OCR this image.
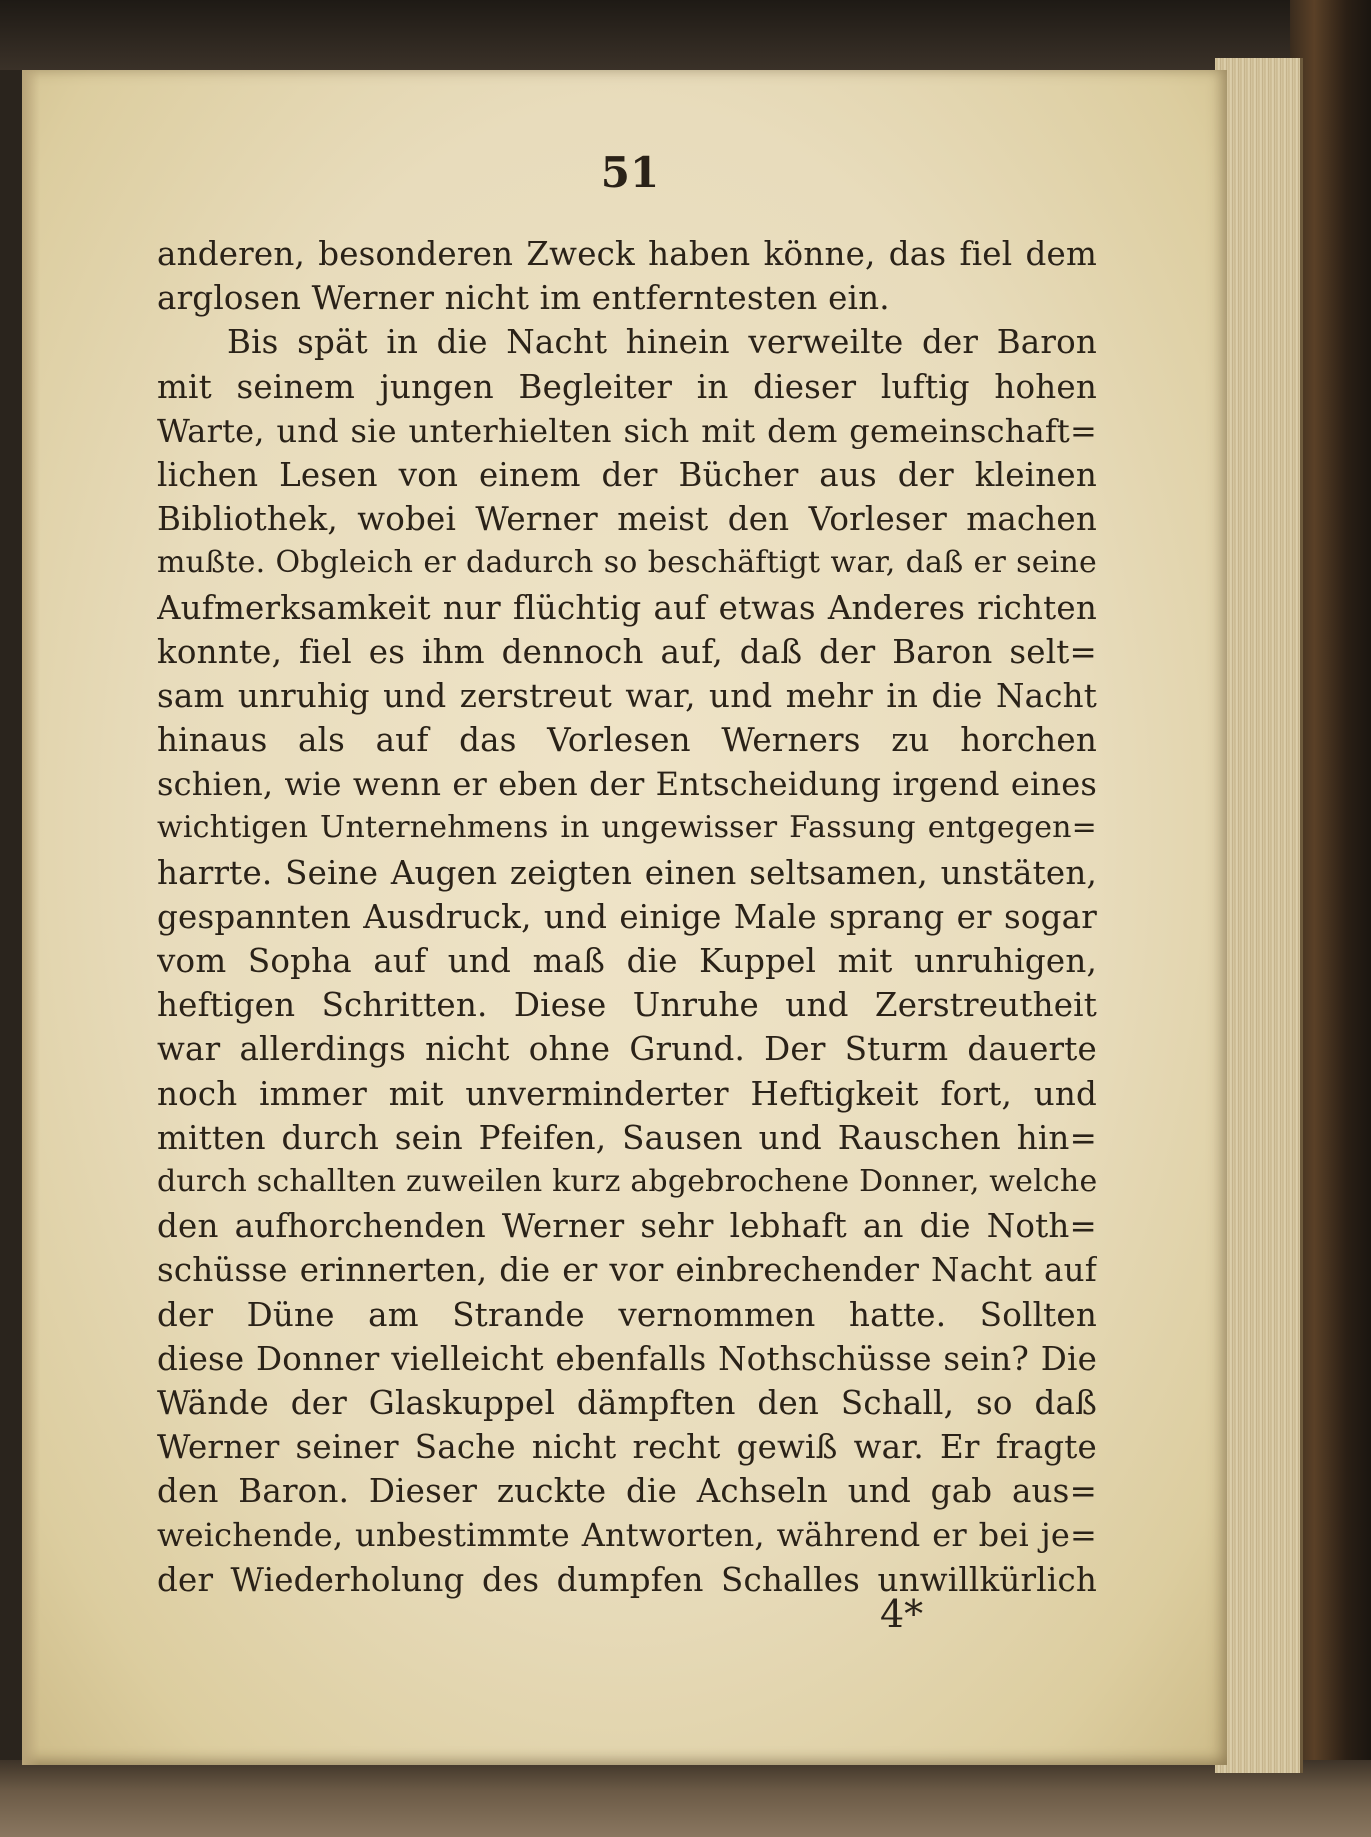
51
anderen, besonderen Zweck haben könne, das fiel dem
arglosen Werner nicht im entferntesten ein.
Bis spät in die Nacht hinein verweilte der Baron
mit seinem jungen Begleiter in dieser luftig hohen
Warte, und sie unterhielten sich mit dem gemeinschaft=
lichen Lesen von einem der Bücher aus der kleinen
Bibliothek, wobei Werner meist den Vorleser machen
mußte. Obgleich er dadurch so beschäftigt war, daß er seine
Aufmerksamkeit nur flüchtig auf etwas Anderes richten
konnte, fiel es ihm dennoch auf, daß der Baron selt=
sam unruhig und zerstreut war, und mehr in die Nacht
hinaus als auf das Vorlesen Werners zu horchen
schien, wie wenn er eben der Entscheidung irgend eines
wichtigen Unternehmens in ungewisser Fassung entgegen=
harrte. Seine Augen zeigten einen seltsamen, unstäten,
gespannten Ausdruck, und einige Male sprang er sogar
vom Sopha auf und maß die Kuppel mit unruhigen,
heftigen Schritten. Diese Unruhe und Zerstreutheit
war allerdings nicht ohne Grund. Der Sturm dauerte
noch immer mit unverminderter Heftigkeit fort, und
mitten durch sein Pfeifen, Sausen und Rauschen hin=
durch schallten zuweilen kurz abgebrochene Donner, welche
den aufhorchenden Werner sehr lebhaft an die Noth=
schüsse erinnerten, die er vor einbrechender Nacht auf
der Düne am Strande vernommen hatte. Sollten
diese Donner vielleicht ebenfalls Nothschüsse sein? Die
Wände der Glaskuppel dämpften den Schall, so daß
Werner seiner Sache nicht recht gewiß war. Er fragte
den Baron. Dieser zuckte die Achseln und gab aus=
weichende, unbestimmte Antworten, während er bei je=
der Wiederholung des dumpfen Schalles unwillkürlich
4*
